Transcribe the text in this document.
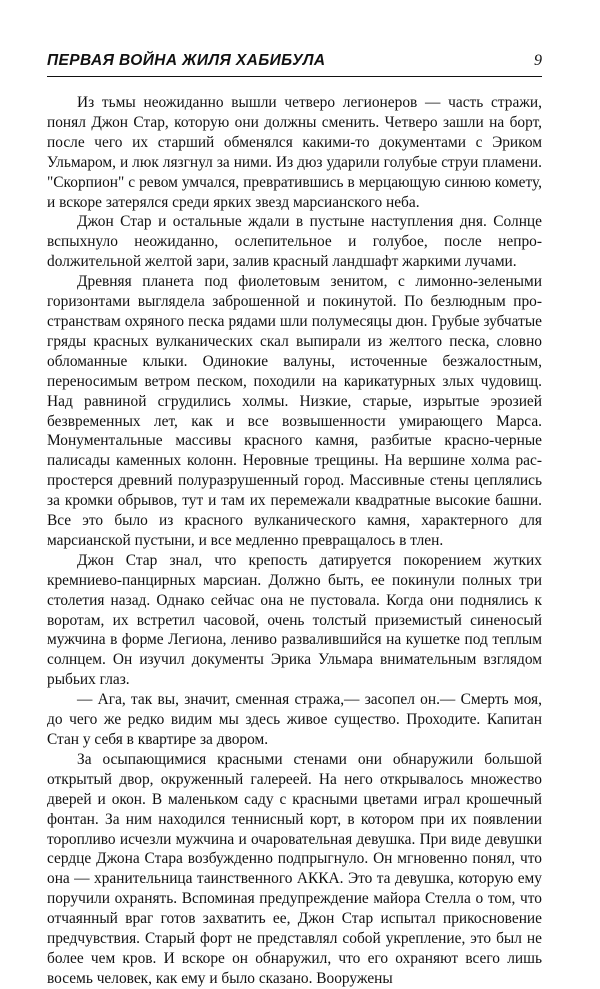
ПЕРВАЯ ВОЙНА ЖИЛЯ ХАБИБУЛА	9

Из тьмы неожиданно вышли четверо легионеров — часть стражи, понял Джон Стар, которую они должны сменить. Четверо зашли на борт, после чего их старший обменялся какими-то документами с Эриком Ульмаром, и люк лязгнул за ними. Из дюз ударили голубые струи пламени. "Скорпион" с ревом умчался, превратившись в мерцающую синюю комету, и вскоре затерялся среди ярких звезд марсианского неба.

Джон Стар и остальные ждали в пустыне наступления дня. Солнце вспыхнуло неожиданно, ослепительное и голубое, после непроdолжительной желтой зари, залив красный ландшафт жаркими лучами.

Древняя планета под фиолетовым зенитом, с лимонно-зелеными горизонтами выглядела заброшенной и покинутой. По безлюдным пространствам охряного песка рядами шли полумесяцы дюн. Грубые зубчатые гряды красных вулканических скал выпирали из желтого песка, словно обломанные клыки. Одинокие валуны, источенные безжалостным, переносимым ветром песком, походили на карикатурных злых чудовищ. Над равниной сгрудились холмы. Низкие, старые, изрытые эрозией безвременных лет, как и все возвышенности умирающего Марса. Монументальные массивы красного камня, разбитые красно-черные палисады каменных колонн. Неровные трещины. На вершине холма распростерся древний полуразрушенный город. Массивные стены цеплялись за кромки обрывов, тут и там их перемежали квадратные высокие башни. Все это было из красного вулканического камня, характерного для марсианской пустыни, и все медленно превращалось в тлен.

Джон Стар знал, что крепость датируется покорением жутких кремниево-панцирных марсиан. Должно быть, ее покинули полных три столетия назад. Однако сейчас она не пустовала. Когда они поднялись к воротам, их встретил часовой, очень толстый приземистый синеносый мужчина в форме Легиона, лениво развалившийся на кушетке под теплым солнцем. Он изучил документы Эрика Ульмара внимательным взглядом рыбьих глаз.

— Ага, так вы, значит, сменная стража,— засопел он.— Смерть моя, до чего же редко видим мы здесь живое существо. Проходите. Капитан Стан у себя в квартире за двором.

За осыпающимися красными стенами они обнаружили большой открытый двор, окруженный галереей. На него открывалось множество дверей и окон. В маленьком саду с красными цветами играл крошечный фонтан. За ним находился теннисный корт, в котором при их появлении торопливо исчезли мужчина и очаровательная девушка. При виде девушки сердце Джона Стара возбужденно подпрыгнуло. Он мгновенно понял, что она — хранительница таинственного АККА. Это та девушка, которую ему поручили охранять. Вспоминая предупреждение майора Стелла о том, что отчаянный враг готов захватить ее, Джон Стар испытал прикосновение предчувствия. Старый форт не представлял собой укрепление, это был не более чем кров. И вскоре он обнаружил, что его охраняют всего лишь восемь человек, как ему и было сказано. Вооружены
